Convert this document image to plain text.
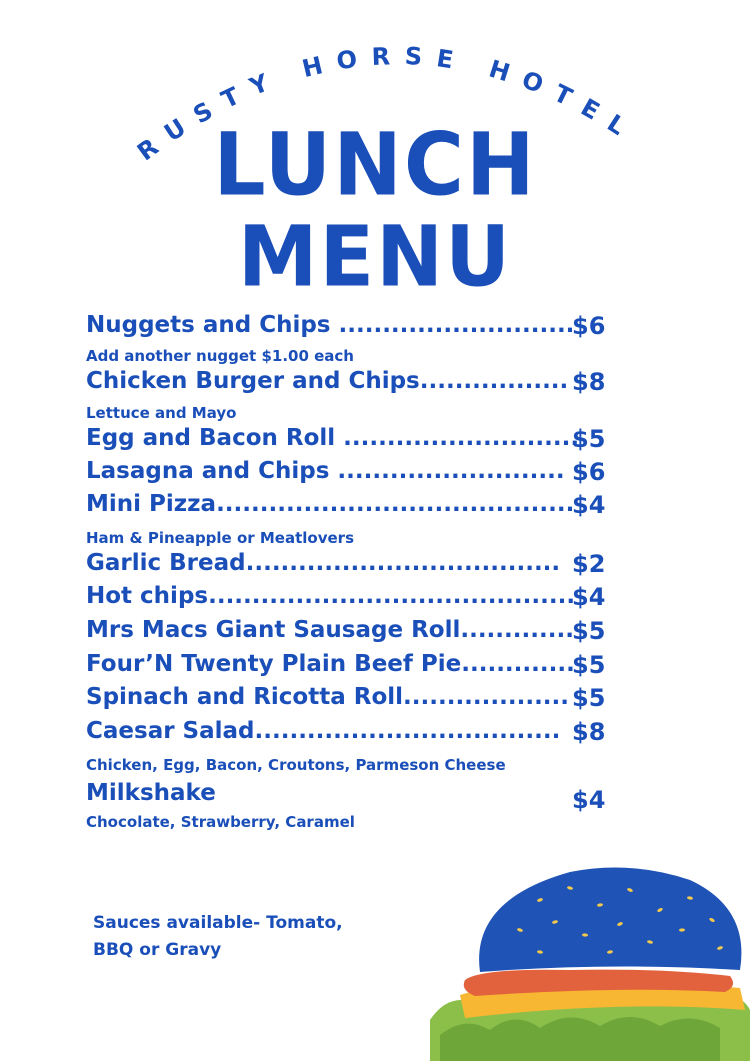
RUSTY HORSE HOTEL
LUNCH
MENU
Nuggets and Chips ...........................
$6
Add another nugget $1.00 each
Chicken Burger and Chips................. $8
Lettuce and Mayo
Egg and Bacon Roll ...........................
$5
Lasagna and Chips .......................... $6
Mini Pizza.........................................
$4
Ham & Pineapple or Meatlovers
Garlic Bread.................................... $2
Hot chips..........................................
$4
Mrs Macs Giant Sausage Roll.............
$5
Four’N Twenty Plain Beef Pie.............
$5
Spinach and Ricotta Roll................... $5
Caesar Salad................................... $8
Chicken, Egg, Bacon, Croutons, Parmeson Cheese
Milkshake	$4
Chocolate, Strawberry, Caramel
Sauces available- Tomato,
BBQ or Gravy
